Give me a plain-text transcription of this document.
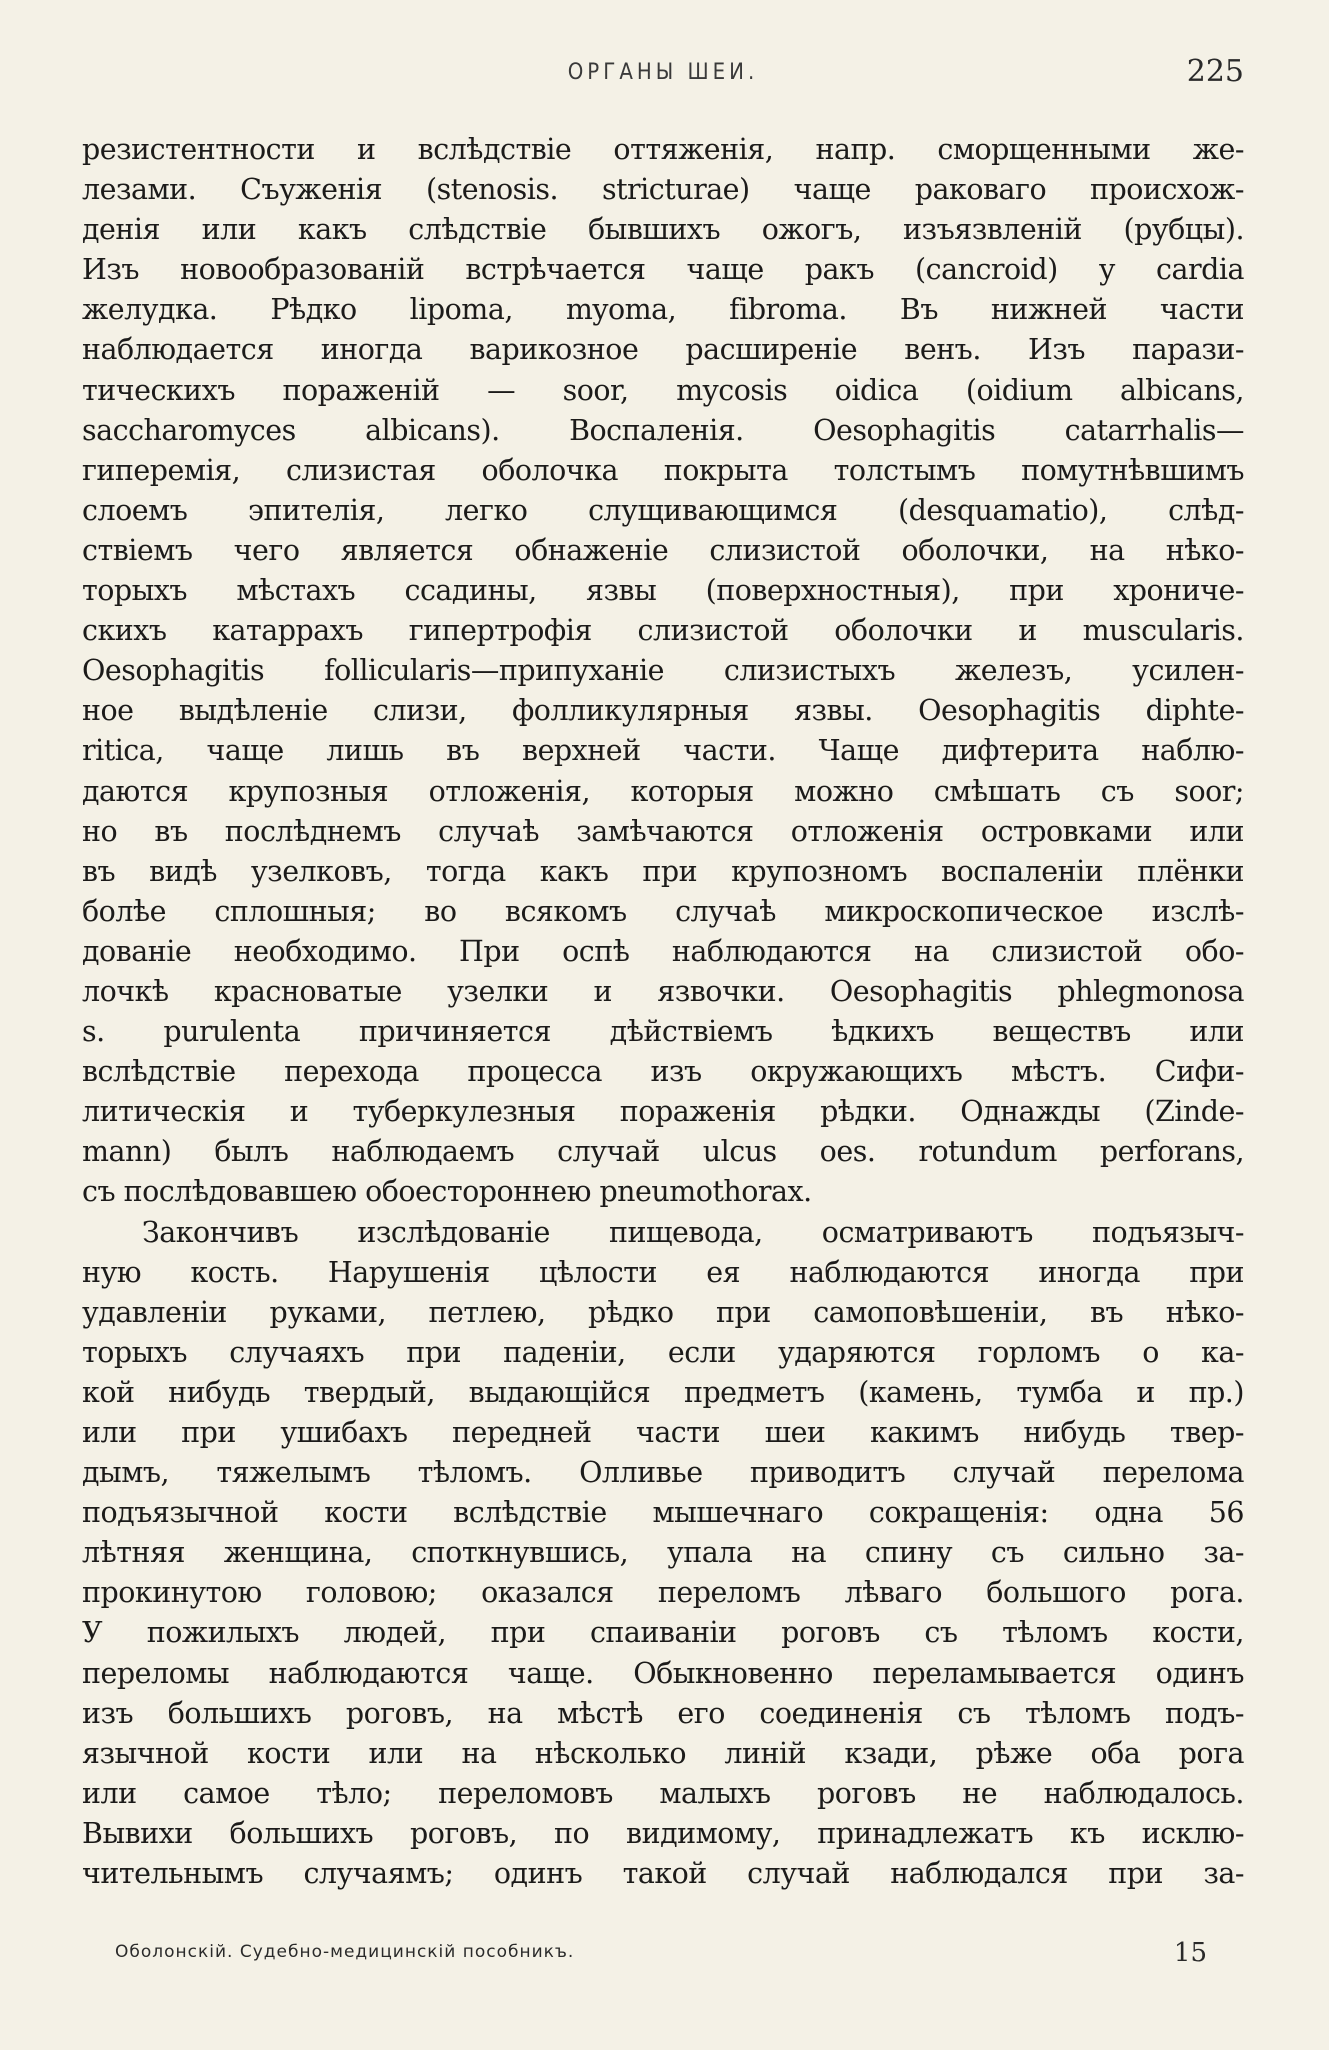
ОРГАНЫ ШЕИ.	225

резистентности и вслѣдствіе оттяженія, напр. сморщенными же-

лезами. Съуженія (stenosis. stricturae) чаще раковаго происхож-

денія или какъ слѣдствіе бывшихъ ожогъ, изъязвленій (рубцы).

Изъ новообразованій встрѣчается чаще ракъ (cancroid) у cardia

желудка. Рѣдко lipoma, myoma, fibroma. Въ нижней части

наблюдается иногда варикозное расширеніе венъ. Изъ парази-

тическихъ пораженій — soor, mycosis oidica (oidium albicans,

saccharomyces albicans). Воспаленія. Oesophagitis catarrhalis—

гиперемія, слизистая оболочка покрыта толстымъ помутнѣвшимъ

слоемъ эпителія, легко слущивающимся (desquamatio), слѣд-

ствіемъ чего является обнаженіе слизистой оболочки, на нѣко-

торыхъ мѣстахъ ссадины, язвы (поверхностныя), при хрониче-

скихъ катаррахъ гипертрофія слизистой оболочки и muscularis.

Oesophagitis follicularis—припуханіе слизистыхъ железъ, усилен-

ное выдѣленіе слизи, фолликулярныя язвы. Oesophagitis diphte-

ritica, чаще лишь въ верхней части. Чаще дифтерита наблю-

даются крупозныя отложенія, которыя можно смѣшать съ soor;

но въ послѣднемъ случаѣ замѣчаются отложенія островками или

въ видѣ узелковъ, тогда какъ при крупозномъ воспаленіи плёнки

болѣе сплошныя; во всякомъ случаѣ микроскопическое изслѣ-

дованіе необходимо. При оспѣ наблюдаются на слизистой обо-

лочкѣ красноватые узелки и язвочки. Oesophagitis phlegmonosa

s. purulenta причиняется дѣйствіемъ ѣдкихъ веществъ или

вслѣдствіе перехода процесса изъ окружающихъ мѣстъ. Сифи-

литическія и туберкулезныя пораженія рѣдки. Однажды (Zinde-

mann) былъ наблюдаемъ случай ulcus oes. rotundum perforans,

съ послѣдовавшею обоестороннею pneumothorax.

Закончивъ изслѣдованіе пищевода, осматриваютъ подъязыч-

ную кость. Нарушенія цѣлости ея наблюдаются иногда при

удавленіи руками, петлею, рѣдко при самоповѣшеніи, въ нѣко-

торыхъ случаяхъ при паденіи, если ударяются горломъ о ка-

кой нибудь твердый, выдающійся предметъ (камень, тумба и пр.)

или при ушибахъ передней части шеи какимъ нибудь твер-

дымъ, тяжелымъ тѣломъ. Олливье приводитъ случай перелома

подъязычной кости вслѣдствіе мышечнаго сокращенія: одна 56

лѣтняя женщина, споткнувшись, упала на спину съ сильно за-

прокинутою головою; оказался переломъ лѣваго большого рога.

У пожилыхъ людей, при спаиваніи роговъ съ тѣломъ кости,

переломы наблюдаются чаще. Обыкновенно переламывается одинъ

изъ большихъ роговъ, на мѣстѣ его соединенія съ тѣломъ подъ-

язычной кости или на нѣсколько линій кзади, рѣже оба рога

или самое тѣло; переломовъ малыхъ роговъ не наблюдалось.

Вывихи большихъ роговъ, по видимому, принадлежатъ къ исклю-

чительнымъ случаямъ; одинъ такой случай наблюдался при за-

Оболонскій. Судебно-медицинскій пособникъ.	15
